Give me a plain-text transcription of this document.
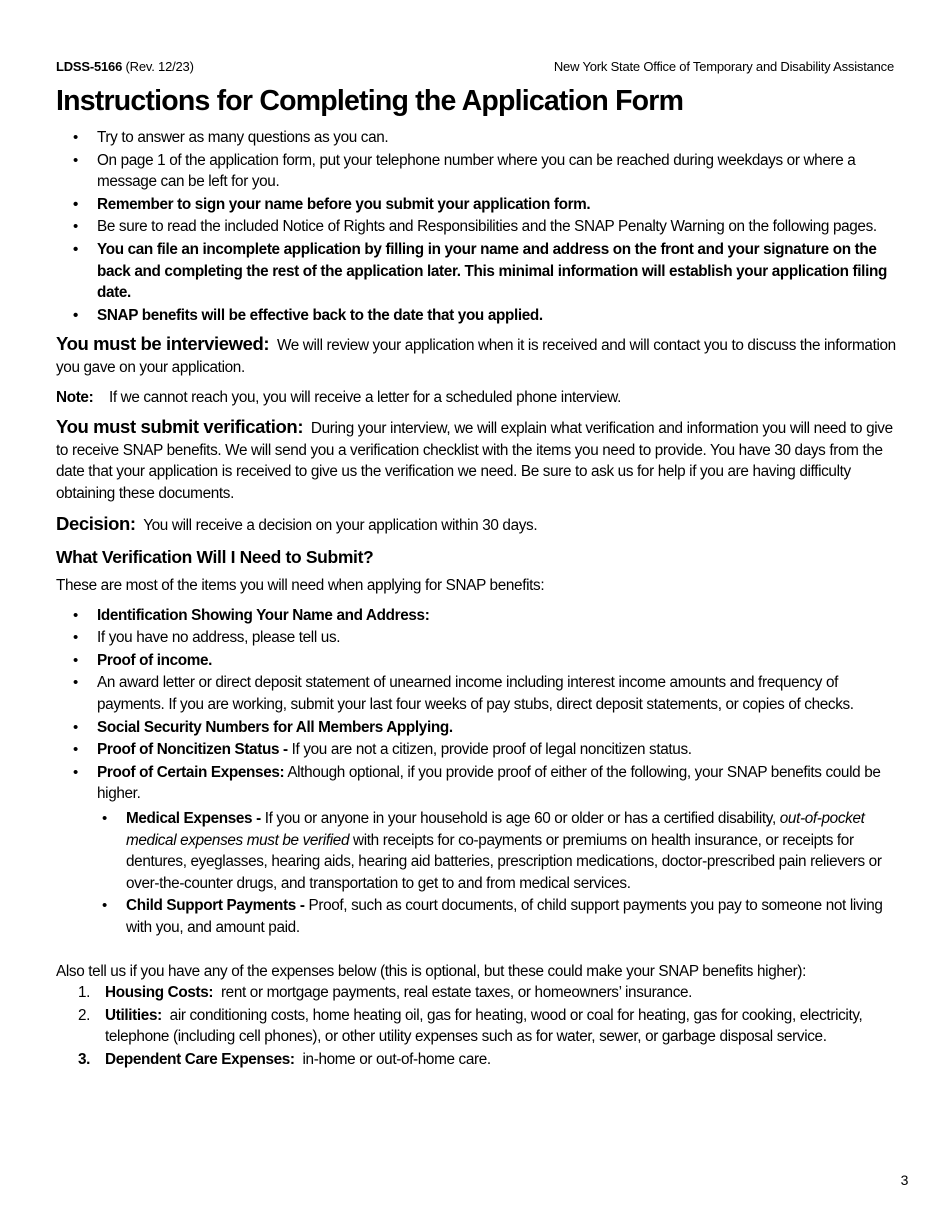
LDSS-5166 (Rev. 12/23)	New York State Office of Temporary and Disability Assistance
Instructions for Completing the Application Form
• Try to answer as many questions as you can.
• On page 1 of the application form, put your telephone number where you can be reached during weekdays or where a message can be left for you.
• Remember to sign your name before you submit your application form.
• Be sure to read the included Notice of Rights and Responsibilities and the SNAP Penalty Warning on the following pages.
• You can file an incomplete application by filling in your name and address on the front and your signature on the back and completing the rest of the application later. This minimal information will establish your application filing date.
• SNAP benefits will be effective back to the date that you applied.

You must be interviewed: We will review your application when it is received and will contact you to discuss the information you gave on your application.

Note: If we cannot reach you, you will receive a letter for a scheduled phone interview.

You must submit verification: During your interview, we will explain what verification and information you will need to give to receive SNAP benefits. We will send you a verification checklist with the items you need to provide. You have 30 days from the date that your application is received to give us the verification we need. Be sure to ask us for help if you are having difficulty obtaining these documents.

Decision: You will receive a decision on your application within 30 days.

What Verification Will I Need to Submit?

These are most of the items you will need when applying for SNAP benefits:

• Identification Showing Your Name and Address:
• If you have no address, please tell us.
• Proof of income.
• An award letter or direct deposit statement of unearned income including interest income amounts and frequency of payments. If you are working, submit your last four weeks of pay stubs, direct deposit statements, or copies of checks.
• Social Security Numbers for All Members Applying.
• Proof of Noncitizen Status - If you are not a citizen, provide proof of legal noncitizen status.
• Proof of Certain Expenses: Although optional, if you provide proof of either of the following, your SNAP benefits could be higher.
• Medical Expenses - If you or anyone in your household is age 60 or older or has a certified disability, out-of-pocket medical expenses must be verified with receipts for co-payments or premiums on health insurance, or receipts for dentures, eyeglasses, hearing aids, hearing aid batteries, prescription medications, doctor-prescribed pain relievers or over-the-counter drugs, and transportation to get to and from medical services.
• Child Support Payments - Proof, such as court documents, of child support payments you pay to someone not living with you, and amount paid.

Also tell us if you have any of the expenses below (this is optional, but these could make your SNAP benefits higher):

1. Housing Costs: rent or mortgage payments, real estate taxes, or homeowners’ insurance.
2. Utilities: air conditioning costs, home heating oil, gas for heating, wood or coal for heating, gas for cooking, electricity, telephone (including cell phones), or other utility expenses such as for water, sewer, or garbage disposal service.
3. Dependent Care Expenses: in-home or out-of-home care.
3
